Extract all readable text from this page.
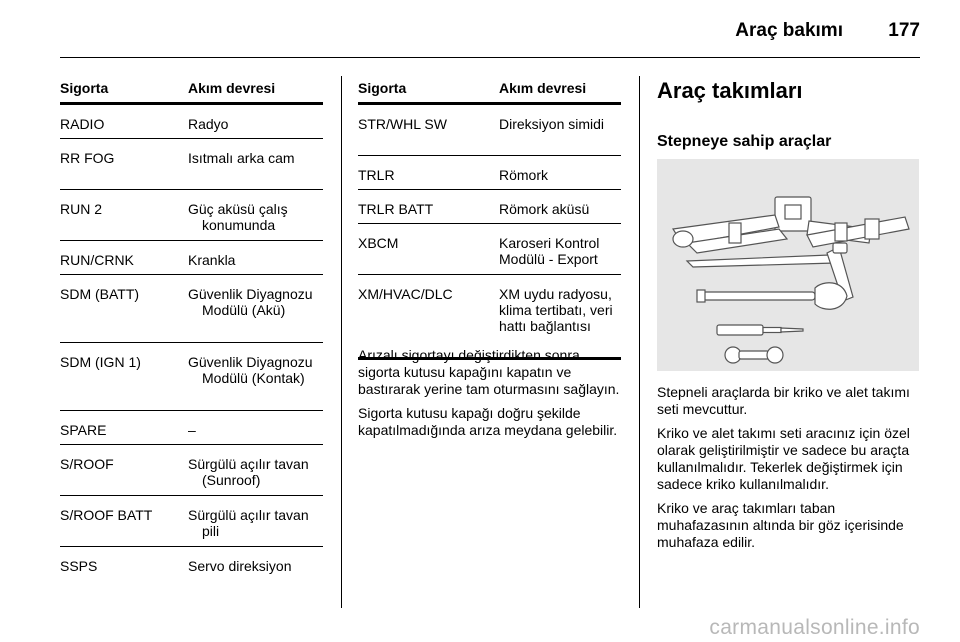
Araç bakımı 177
Sigorta	Akım devresi
RADIO	Radyo
RR FOG	Isıtmalı arka cam
RUN 2	Güç aküsü çalış konumunda
RUN/CRNK	Krankla
SDM (BATT)	Güvenlik Diyagnozu Modülü (Akü)
SDM (IGN 1)	Güvenlik Diyagnozu Modülü (Kontak)
SPARE	–
S/ROOF	Sürgülü açılır tavan (Sunroof)
S/ROOF BATT	Sürgülü açılır tavan pili
SSPS	Servo direksiyon
Sigorta	Akım devresi
STR/WHL SW	Direksiyon simidi
TRLR	Römork
TRLR BATT	Römork aküsü
XBCM	Karoseri Kontrol Modülü - Export
XM/HVAC/DLC	XM uydu radyosu, klima tertibatı, veri hattı bağlantısı

Arızalı sigortayı değiştirdikten sonra sigorta kutusu kapağını kapatın ve bastırarak yerine tam oturmasını sağlayın.

Sigorta kutusu kapağı doğru şekilde kapatılmadığında arıza meydana gelebilir.

Araç takımları
Stepneye sahip araçlar

Stepneli araçlarda bir kriko ve alet takımı seti mevcuttur.

Kriko ve alet takımı seti aracınız için özel olarak geliştirilmiştir ve sadece bu araçta kullanılmalıdır. Tekerlek değiştirmek için sadece kriko kullanılmalıdır.

Kriko ve araç takımları taban muhafazasının altında bir göz içerisinde muhafaza edilir.

carmanualsonline.info
